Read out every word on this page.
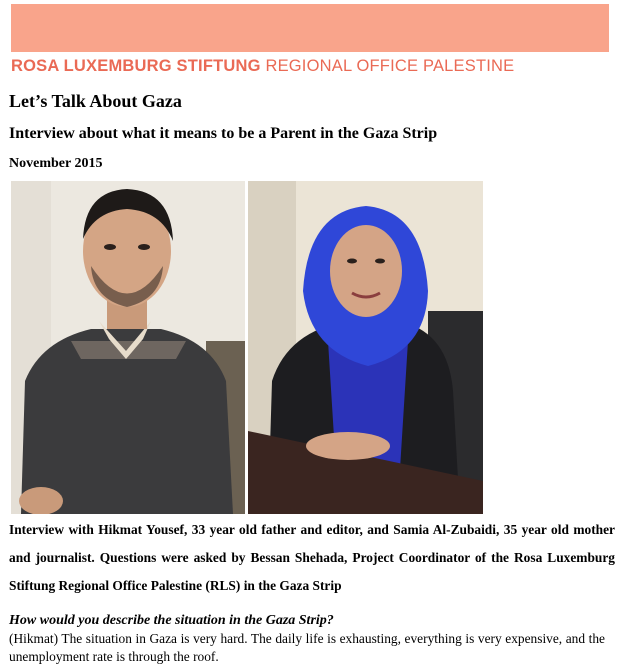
ROSA LUXEMBURG STIFTUNG REGIONAL OFFICE PALESTINE
Let’s Talk About Gaza
Interview about what it means to be a Parent in the Gaza Strip
November 2015

Interview with Hikmat Yousef, 33 year old father and editor, and Samia Al-Zubaidi, 35 year old mother and journalist. Questions were asked by Bessan Shehada, Project Coordinator of the Rosa Luxemburg Stiftung Regional Office Palestine (RLS) in the Gaza Strip

How would you describe the situation in the Gaza Strip?

(Hikmat) The situation in Gaza is very hard. The daily life is exhausting, everything is very expensive, and the unemployment rate is through the roof.
